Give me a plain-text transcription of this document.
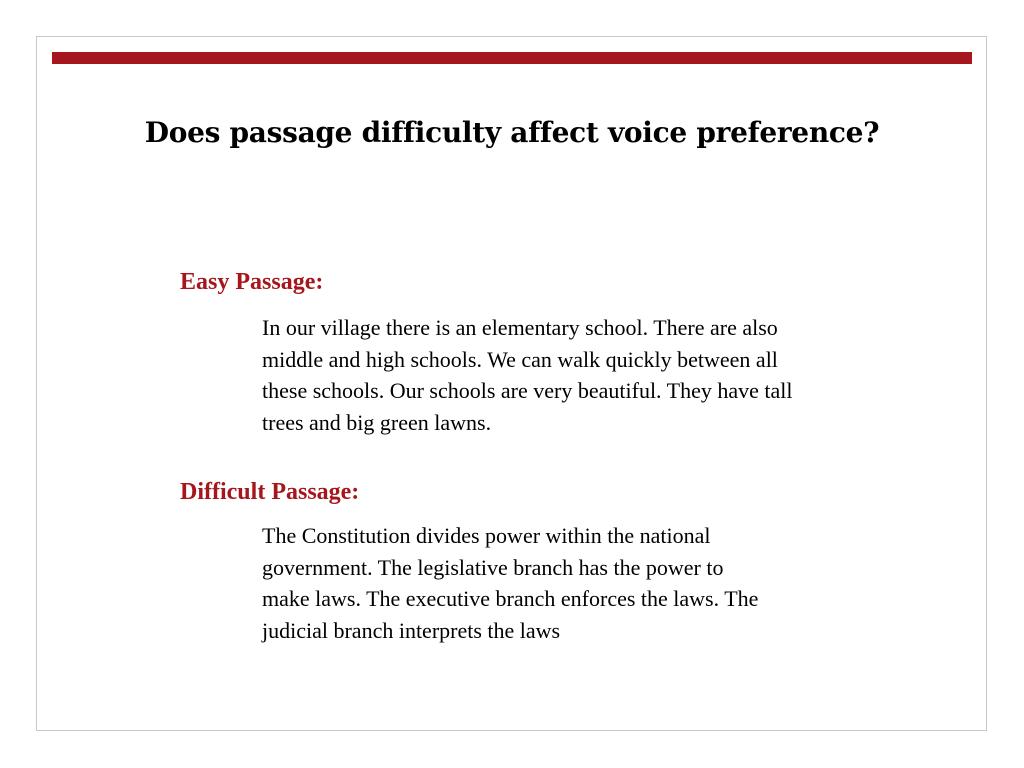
Does passage difficulty affect voice preference?
Easy Passage:

In our village there is an elementary school. There are also
middle and high schools. We can walk quickly between all
these schools. Our schools are very beautiful. They have tall
trees and big green lawns.

Difficult Passage:

The Constitution divides power within the national
government. The legislative branch has the power to
make laws. The executive branch enforces the laws. The
judicial branch interprets the laws
